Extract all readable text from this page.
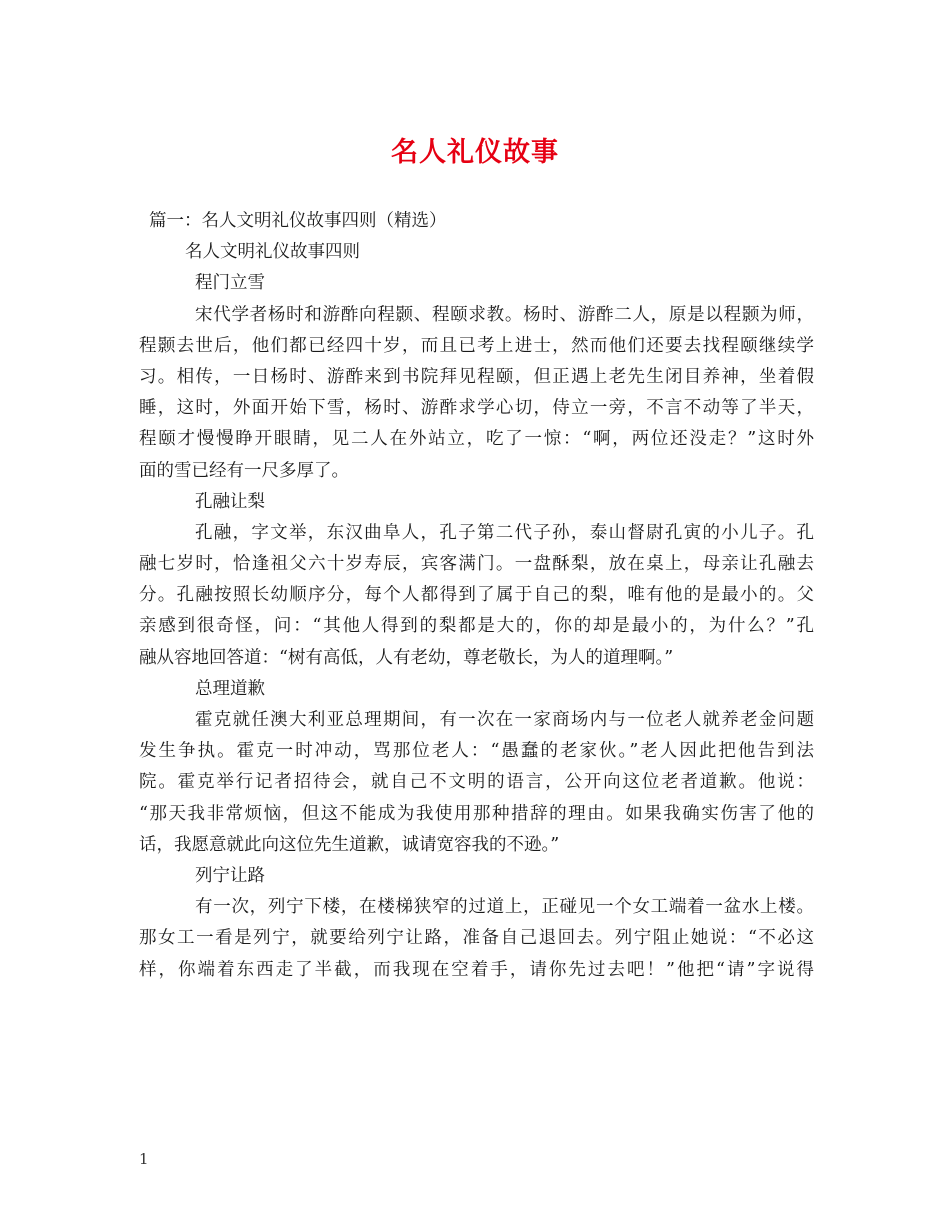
名人礼仪故事
篇一：名人文明礼仪故事四则（精选）
名人文明礼仪故事四则
程门立雪
宋代学者杨时和游酢向程颢、程颐求教。杨时、游酢二人，原是以程颢为师，
程颢去世后，他们都已经四十岁，而且已考上进士，然而他们还要去找程颐继续学
习。相传，一日杨时、游酢来到书院拜见程颐，但正遇上老先生闭目养神，坐着假
睡，这时，外面开始下雪，杨时、游酢求学心切，侍立一旁，不言不动等了半天，
程颐才慢慢睁开眼睛，见二人在外站立，吃了一惊：“啊，两位还没走？”这时外
面的雪已经有一尺多厚了。
孔融让梨
孔融，字文举，东汉曲阜人，孔子第二代子孙，泰山督尉孔寅的小儿子。孔
融七岁时，恰逢祖父六十岁寿辰，宾客满门。一盘酥梨，放在桌上，母亲让孔融去
分。孔融按照长幼顺序分，每个人都得到了属于自己的梨，唯有他的是最小的。父
亲感到很奇怪，问：“其他人得到的梨都是大的，你的却是最小的，为什么？”孔
融从容地回答道：“树有高低，人有老幼，尊老敬长，为人的道理啊。”
总理道歉
霍克就任澳大利亚总理期间，有一次在一家商场内与一位老人就养老金问题
发生争执。霍克一时冲动，骂那位老人：“愚蠢的老家伙。”老人因此把他告到法
院。霍克举行记者招待会，就自己不文明的语言，公开向这位老者道歉。他说：
“那天我非常烦恼，但这不能成为我使用那种措辞的理由。如果我确实伤害了他的
话，我愿意就此向这位先生道歉，诚请宽容我的不逊。”
列宁让路
有一次，列宁下楼，在楼梯狭窄的过道上，正碰见一个女工端着一盆水上楼。
那女工一看是列宁，就要给列宁让路，准备自己退回去。列宁阻止她说：“不必这
样，你端着东西走了半截，而我现在空着手，请你先过去吧！”他把“请”字说得
1
